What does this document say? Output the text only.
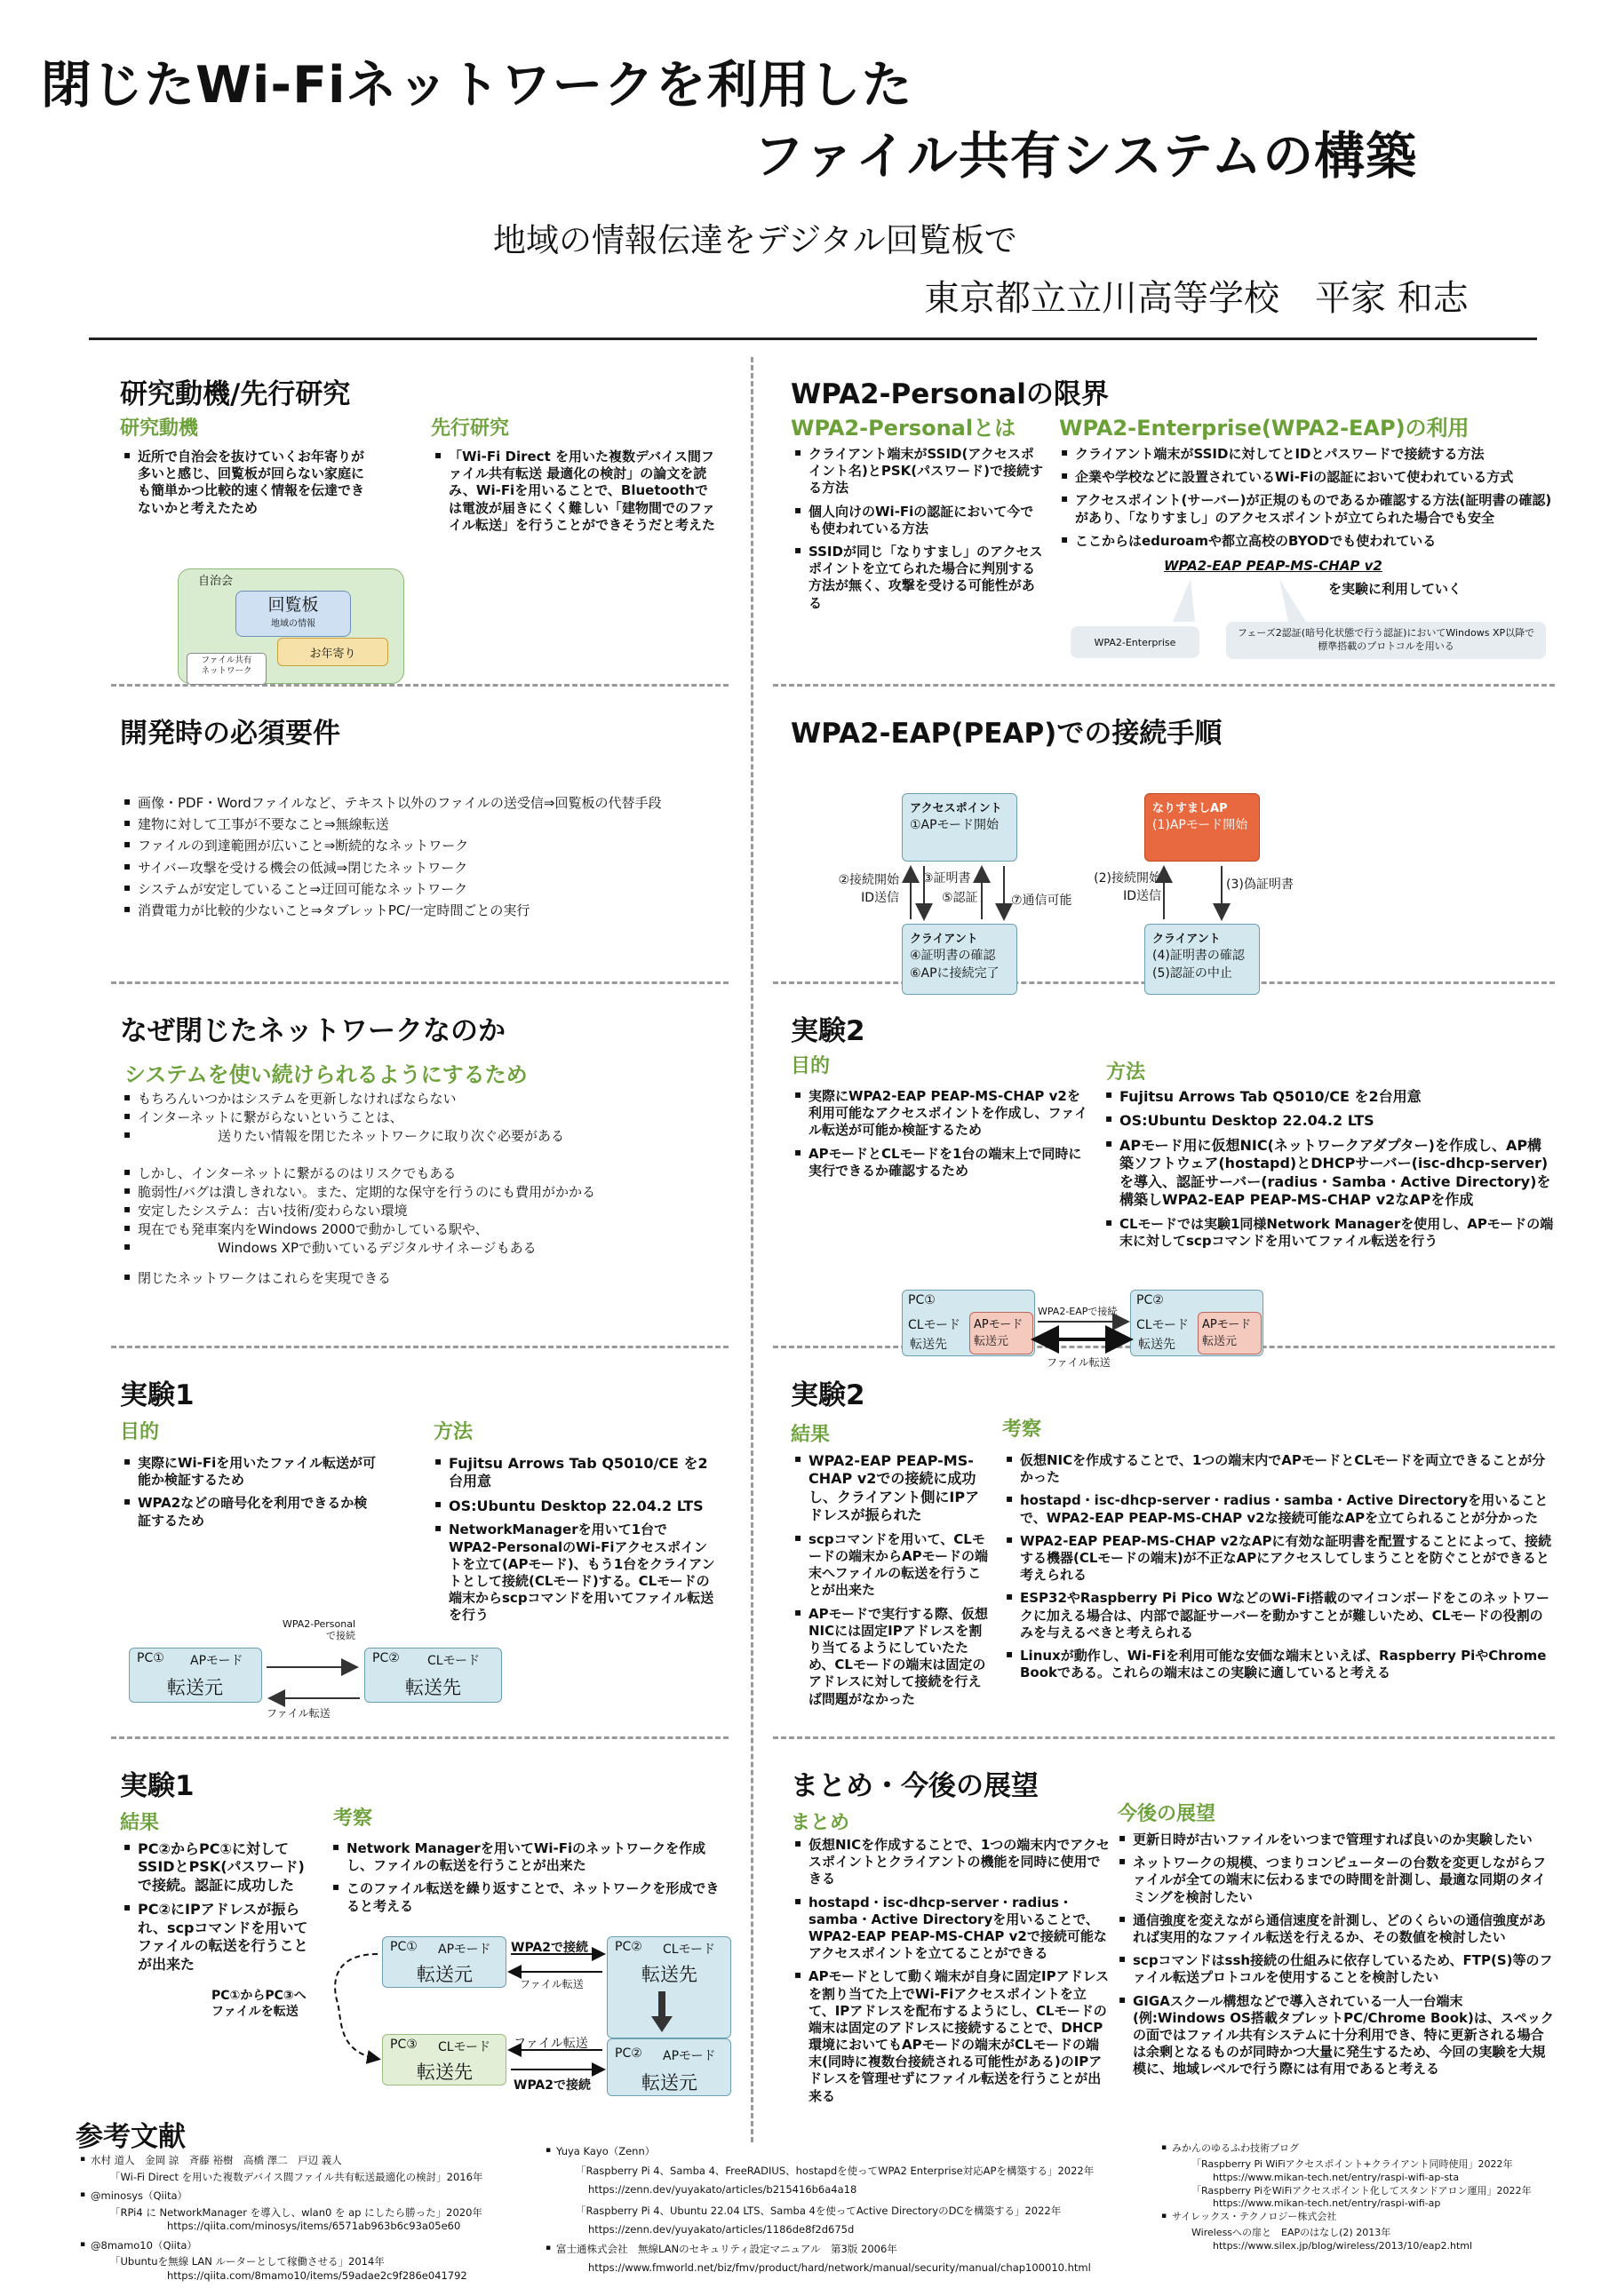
閉じたWi-Fiネットワークを利用した
ファイル共有システムの構築
地域の情報伝達をデジタル回覧板で
東京都立立川高等学校　平家 和志
研究動機/先行研究
研究動機
▪ 近所で自治会を抜けていくお年寄りが多いと感じ、回覧板が回らない家庭にも簡単かつ比較的速く情報を伝達できないかと考えたため
先行研究
▪ 「Wi-Fi Direct を用いた複数デバイス間ファイル共有転送 最適化の検討」の論文を読み、Wi-Fiを用いることで、Bluetoothでは電波が届きにくく難しい「建物間でのファイル転送」を行うことができそうだと考えた
自治会
回覧板
地域の情報
お年寄り
ファイル共有
ネットワーク
開発時の必須要件
▪ 画像・PDF・Wordファイルなど、テキスト以外のファイルの送受信⇒回覧板の代替手段
▪ 建物に対して工事が不要なこと⇒無線転送
▪ ファイルの到達範囲が広いこと⇒断続的なネットワーク
▪ サイバー攻撃を受ける機会の低減⇒閉じたネットワーク
▪ システムが安定していること⇒迂回可能なネットワーク
▪ 消費電力が比較的少ないこと⇒タブレットPC/一定時間ごとの実行
なぜ閉じたネットワークなのか
システムを使い続けられるようにするため
▪ もちろんいつかはシステムを更新しなければならない
▪ インターネットに繋がらないということは、
▪ 　　　　　　送りたい情報を閉じたネットワークに取り次ぐ必要がある
▪ しかし、インターネットに繋がるのはリスクでもある
▪ 脆弱性/バグは潰しきれない。また、定期的な保守を行うのにも費用がかかる
▪ 安定したシステム：古い技術/変わらない環境
▪ 現在でも発車案内をWindows 2000で動かしている駅や、
▪ 　　　　　　Windows XPで動いているデジタルサイネージもある
▪ 閉じたネットワークはこれらを実現できる
実験1
目的
▪ 実際にWi-Fiを用いたファイル転送が可能か検証するため
▪ WPA2などの暗号化を利用できるか検証するため
方法
▪ Fujitsu Arrows Tab Q5010/CE を2台用意
▪ OS:Ubuntu Desktop 22.04.2 LTS
▪ NetworkManagerを用いて1台でWPA2-PersonalのWi-Fiアクセスポイントを立て(APモード)、もう1台をクライアントとして接続(CLモード)する。CLモードの端末からscpコマンドを用いてファイル転送を行う
PC① APモード
転送元
PC② CLモード
転送先
WPA2-Personal
で接続
ファイル転送
実験1
結果
▪ PC②からPC①に対してSSIDとPSK(パスワード)で接続。認証に成功した
▪ PC②にIPアドレスが振られ、scpコマンドを用いてファイルの転送を行うことが出来た
考察
▪ Network Managerを用いてWi-Fiのネットワークを作成し、ファイルの転送を行うことが出来た
▪ このファイル転送を繰り返すことで、ネットワークを形成できると考える
PC① APモード
転送元
PC② CLモード
転送先
PC② APモード
転送元
PC③ CLモード
転送先
WPA2で接続
ファイル転送
ファイル転送
WPA2で接続
PC①からPC③へ
ファイルを転送
WPA2-Personalの限界
WPA2-Personalとは
▪ クライアント端末がSSID(アクセスポイント名)とPSK(パスワード)で接続する方法
▪ 個人向けのWi-Fiの認証において今でも使われている方法
▪ SSIDが同じ「なりすまし」のアクセスポイントを立てられた場合に判別する方法が無く、攻撃を受ける可能性がある
WPA2-Enterprise(WPA2-EAP)の利用
▪ クライアント端末がSSIDに対してとIDとパスワードで接続する方法
▪ 企業や学校などに設置されているWi-Fiの認証において使われている方式
▪ アクセスポイント(サーバー)が正規のものであるか確認する方法(証明書の確認)があり、「なりすまし」のアクセスポイントが立てられた場合でも安全
▪ ここからはeduroamや都立高校のBYODでも使われている
WPA2-EAP PEAP-MS-CHAP v2
を実験に利用していく
WPA2-Enterprise
フェーズ2認証(暗号化状態で行う認証)においてWindows XP以降で標準搭載のプロトコルを用いる
WPA2-EAP(PEAP)での接続手順
アクセスポイント
①APモード開始
クライアント
④証明書の確認
⑥APに接続完了
②接続開始
ID送信
③証明書
⑤認証	⑦通信可能
なりすましAP
(1)APモード開始
クライアント
(4)証明書の確認
(5)認証の中止
(2)接続開始
ID送信
(3)偽証明書
実験2
目的
▪ 実際にWPA2-EAP PEAP-MS-CHAP v2を利用可能なアクセスポイントを作成し、ファイル転送が可能か検証するため
▪ APモードとCLモードを1台の端末上で同時に実行できるか確認するため
方法
▪ Fujitsu Arrows Tab Q5010/CE を2台用意
▪ OS:Ubuntu Desktop 22.04.2 LTS
▪ APモード用に仮想NIC(ネットワークアダプター)を作成し、AP構築ソフトウェア(hostapd)とDHCPサーバー(isc-dhcp-server)を導入、認証サーバー(radius・Samba・Active Directory)を構築しWPA2-EAP PEAP-MS-CHAP v2なAPを作成
▪ CLモードでは実験1同様Network Managerを使用し、APモードの端末に対してscpコマンドを用いてファイル転送を行う
PC①
CLモード
転送先
APモード
転送元
PC②
CLモード
転送先
APモード
転送元
WPA2-EAPで接続
ファイル転送
実験2
結果
▪ WPA2-EAP PEAP-MS-CHAP v2での接続に成功し、クライアント側にIPアドレスが振られた
▪ scpコマンドを用いて、CLモードの端末からAPモードの端末へファイルの転送を行うことが出来た
▪ APモードで実行する際、仮想NICには固定IPアドレスを割り当てるようにしていたため、CLモードの端末は固定のアドレスに対して接続を行えば問題がなかった
考察
▪ 仮想NICを作成することで、1つの端末内でAPモードとCLモードを両立できることが分かった
▪ hostapd・isc-dhcp-server・radius・samba・Active Directoryを用いることで、WPA2-EAP PEAP-MS-CHAP v2な接続可能なAPを立てられることが分かった
▪ WPA2-EAP PEAP-MS-CHAP v2なAPに有効な証明書を配置することによって、接続する機器(CLモードの端末)が不正なAPにアクセスしてしまうことを防ぐことができると考えられる
▪ ESP32やRaspberry Pi Pico WなどのWi-Fi搭載のマイコンボードをこのネットワークに加える場合は、内部で認証サーバーを動かすことが難しいため、CLモードの役割のみを与えるべきと考えられる
▪ Linuxが動作し、Wi-Fiを利用可能な安価な端末といえば、Raspberry PiやChrome Bookである。これらの端末はこの実験に適していると考える
まとめ・今後の展望
まとめ
▪ 仮想NICを作成することで、1つの端末内でアクセスポイントとクライアントの機能を同時に使用できる
▪ hostapd・isc-dhcp-server・radius・samba・Active Directoryを用いることで、WPA2-EAP PEAP-MS-CHAP v2で接続可能なアクセスポイントを立てることができる
▪ APモードとして動く端末が自身に固定IPアドレスを割り当てた上でWi-Fiアクセスポイントを立て、IPアドレスを配布するようにし、CLモードの端末は固定のアドレスに接続することで、DHCP環境においてもAPモードの端末がCLモードの端末(同時に複数台接続される可能性がある)のIPアドレスを管理せずにファイル転送を行うことが出来る
今後の展望
▪ 更新日時が古いファイルをいつまで管理すれば良いのか実験したい
▪ ネットワークの規模、つまりコンピューターの台数を変更しながらファイルが全ての端末に伝わるまでの時間を計測し、最適な同期のタイミングを検討したい
▪ 通信強度を変えながら通信速度を計測し、どのくらいの通信強度があれば実用的なファイル転送を行えるか、その数値を検討したい
▪ scpコマンドはssh接続の仕組みに依存しているため、FTP(S)等のファイル転送プロトコルを使用することを検討したい
▪ GIGAスクール構想などで導入されている一人一台端末(例:Windows OS搭載タブレットPC/Chrome Book)は、スペックの面ではファイル共有システムに十分利用でき、特に更新される場合は余剰となるものが同時かつ大量に発生するため、今回の実験を大規模に、地域レベルで行う際には有用であると考える
参考文献
▪ 水村 道人　金岡 諒　斉藤 裕樹　高橋 澤二　戸辺 義人
「Wi-Fi Direct を用いた複数デバイス間ファイル共有転送最適化の検討」2016年
▪ @minosys（Qiita）
「RPi4 に NetworkManager を導入し、wlan0 を ap にしたら勝った」2020年
https://qiita.com/minosys/items/6571ab963b6c93a05e60
▪ @8mamo10（Qiita）
「Ubuntuを無線 LAN ルーターとして稼働させる」2014年
https://qiita.com/8mamo10/items/59adae2c9f286e041792
▪ Yuya Kayo（Zenn）
「Raspberry Pi 4、Samba 4、FreeRADIUS、hostapdを使ってWPA2 Enterprise対応APを構築する」2022年
https://zenn.dev/yuyakato/articles/b215416b6a4a18
「Raspberry Pi 4、Ubuntu 22.04 LTS、Samba 4を使ってActive DirectoryのDCを構築する」2022年
https://zenn.dev/yuyakato/articles/1186de8f2d675d
▪ 富士通株式会社　無線LANのセキュリティ設定マニュアル　第3版 2006年
https://www.fmworld.net/biz/fmv/product/hard/network/manual/security/manual/chap100010.html
▪ みかんのゆるふわ技術ブログ
「Raspberry Pi WiFiアクセスポイント+クライアント同時使用」2022年
https://www.mikan-tech.net/entry/raspi-wifi-ap-sta
「Raspberry PiをWiFiアクセスポイント化してスタンドアロン運用」2022年
https://www.mikan-tech.net/entry/raspi-wifi-ap
▪ サイレックス・テクノロジー株式会社
Wirelessへの扉と　EAPのはなし(2) 2013年
https://www.silex.jp/blog/wireless/2013/10/eap2.html
